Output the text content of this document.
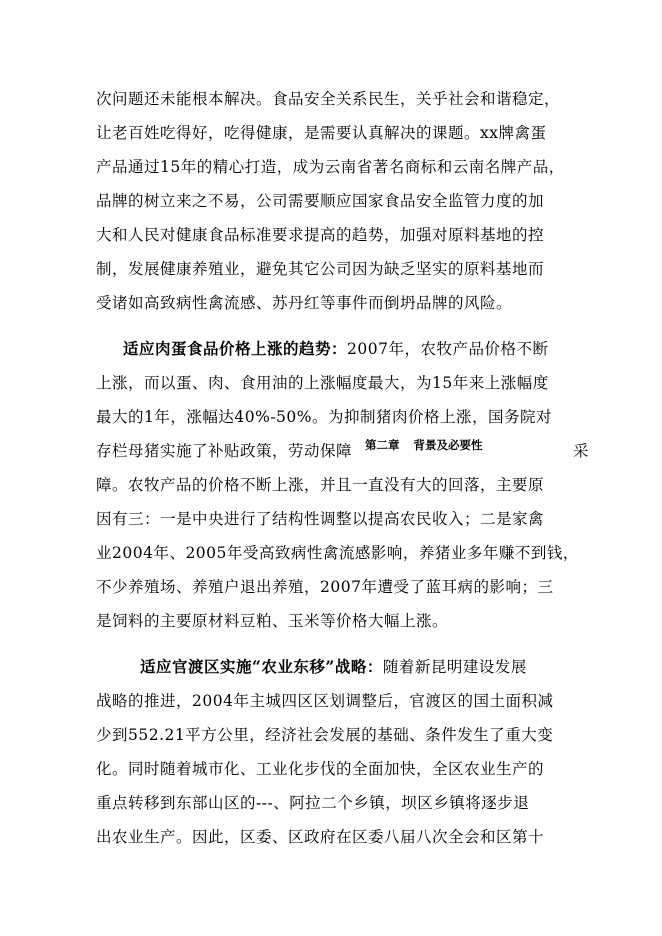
次问题还未能根本解决。食品安全关系民生，关乎社会和谐稳定，
让老百姓吃得好，吃得健康，是需要认真解决的课题。xx牌禽蛋
产品通过15年的精心打造，成为云南省著名商标和云南名牌产品，
品牌的树立来之不易，公司需要顺应国家食品安全监管力度的加
大和人民对健康食品标准要求提高的趋势，加强对原料基地的控
制，发展健康养殖业，避免其它公司因为缺乏坚实的原料基地而
受诸如高致病性禽流感、苏丹红等事件而倒坍品牌的风险。
适应肉蛋食品价格上涨的趋势：2007年，农牧产品价格不断
上涨，而以蛋、肉、食用油的上涨幅度最大，为15年来上涨幅度
最大的1年，涨幅达40%-50%。为抑制猪肉价格上涨，国务院对
存栏母猪实施了补贴政策，劳动保障	采
障。农牧产品的价格不断上涨，并且一直没有大的回落，主要原
因有三：一是中央进行了结构性调整以提高农民收入；二是家禽
业2004年、2005年受高致病性禽流感影响，养猪业多年赚不到钱，
不少养殖场、养殖户退出养殖，2007年遭受了蓝耳病的影响；三
是饲料的主要原材料豆粕、玉米等价格大幅上涨。
第二章 背景及必要性
适应官渡区实施“农业东移”战略：随着新昆明建设发展
战略的推进，2004年主城四区区划调整后，官渡区的国土面积减
少到552.21平方公里，经济社会发展的基础、条件发生了重大变
化。同时随着城市化、工业化步伐的全面加快，全区农业生产的
重点转移到东部山区的---、阿拉二个乡镇，坝区乡镇将逐步退
出农业生产。因此，区委、区政府在区委八届八次全会和区第十
